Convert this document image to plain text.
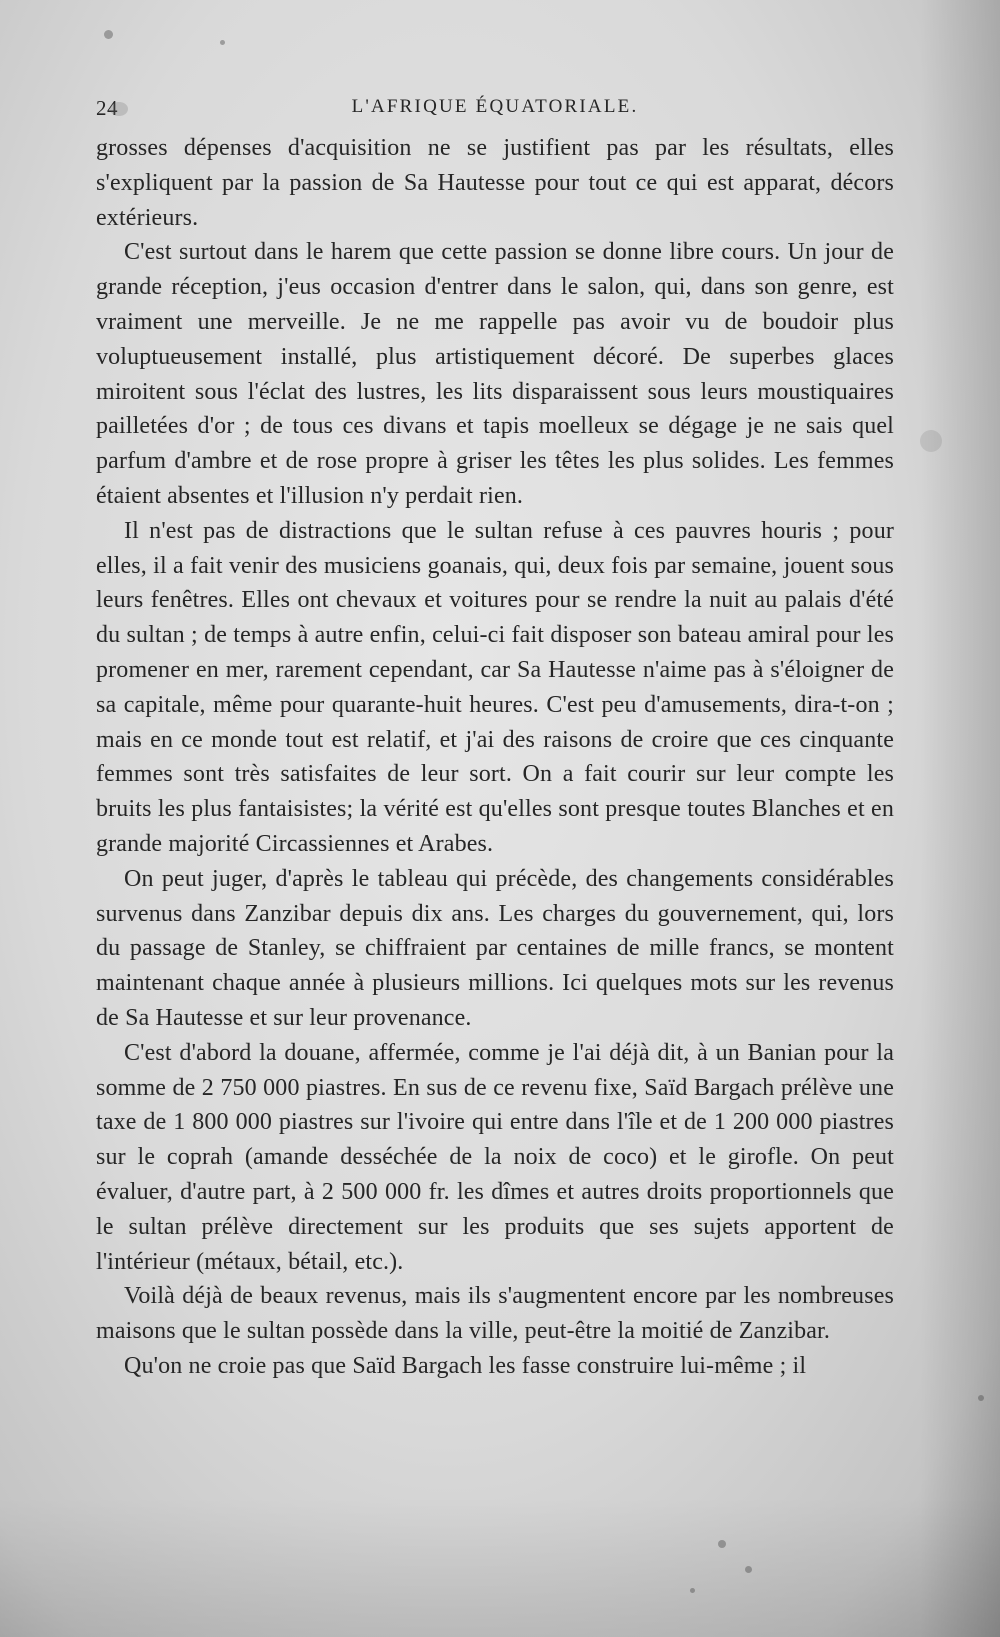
24	L'AFRIQUE ÉQUATORIALE.

grosses dépenses d'acquisition ne se justifient pas par les résultats, elles s'expliquent par la passion de Sa Hautesse pour tout ce qui est apparat, décors extérieurs.

C'est surtout dans le harem que cette passion se donne libre cours. Un jour de grande réception, j'eus occasion d'entrer dans le salon, qui, dans son genre, est vraiment une merveille. Je ne me rappelle pas avoir vu de boudoir plus voluptueusement installé, plus artistiquement décoré. De superbes glaces miroitent sous l'éclat des lustres, les lits disparaissent sous leurs moustiquaires pailletées d'or ; de tous ces divans et tapis moelleux se dégage je ne sais quel parfum d'ambre et de rose propre à griser les têtes les plus solides. Les femmes étaient absentes et l'illusion n'y perdait rien.

Il n'est pas de distractions que le sultan refuse à ces pauvres houris ; pour elles, il a fait venir des musiciens goanais, qui, deux fois par semaine, jouent sous leurs fenêtres. Elles ont chevaux et voitures pour se rendre la nuit au palais d'été du sultan ; de temps à autre enfin, celui-ci fait disposer son bateau amiral pour les promener en mer, rarement cependant, car Sa Hautesse n'aime pas à s'éloigner de sa capitale, même pour quarante-huit heures. C'est peu d'amusements, dira-t-on ; mais en ce monde tout est relatif, et j'ai des raisons de croire que ces cinquante femmes sont très satisfaites de leur sort. On a fait courir sur leur compte les bruits les plus fantaisistes; la vérité est qu'elles sont presque toutes Blanches et en grande majorité Circassiennes et Arabes.

On peut juger, d'après le tableau qui précède, des changements considérables survenus dans Zanzibar depuis dix ans. Les charges du gouvernement, qui, lors du passage de Stanley, se chiffraient par centaines de mille francs, se montent maintenant chaque année à plusieurs millions. Ici quelques mots sur les revenus de Sa Hautesse et sur leur provenance.

C'est d'abord la douane, affermée, comme je l'ai déjà dit, à un Banian pour la somme de 2 750 000 piastres. En sus de ce revenu fixe, Saïd Bargach prélève une taxe de 1 800 000 piastres sur l'ivoire qui entre dans l'île et de 1 200 000 piastres sur le coprah (amande desséchée de la noix de coco) et le girofle. On peut évaluer, d'autre part, à 2 500 000 fr. les dîmes et autres droits proportionnels que le sultan prélève directement sur les produits que ses sujets apportent de l'intérieur (métaux, bétail, etc.).

Voilà déjà de beaux revenus, mais ils s'augmentent encore par les nombreuses maisons que le sultan possède dans la ville, peut-être la moitié de Zanzibar.

Qu'on ne croie pas que Saïd Bargach les fasse construire lui-même ; il
